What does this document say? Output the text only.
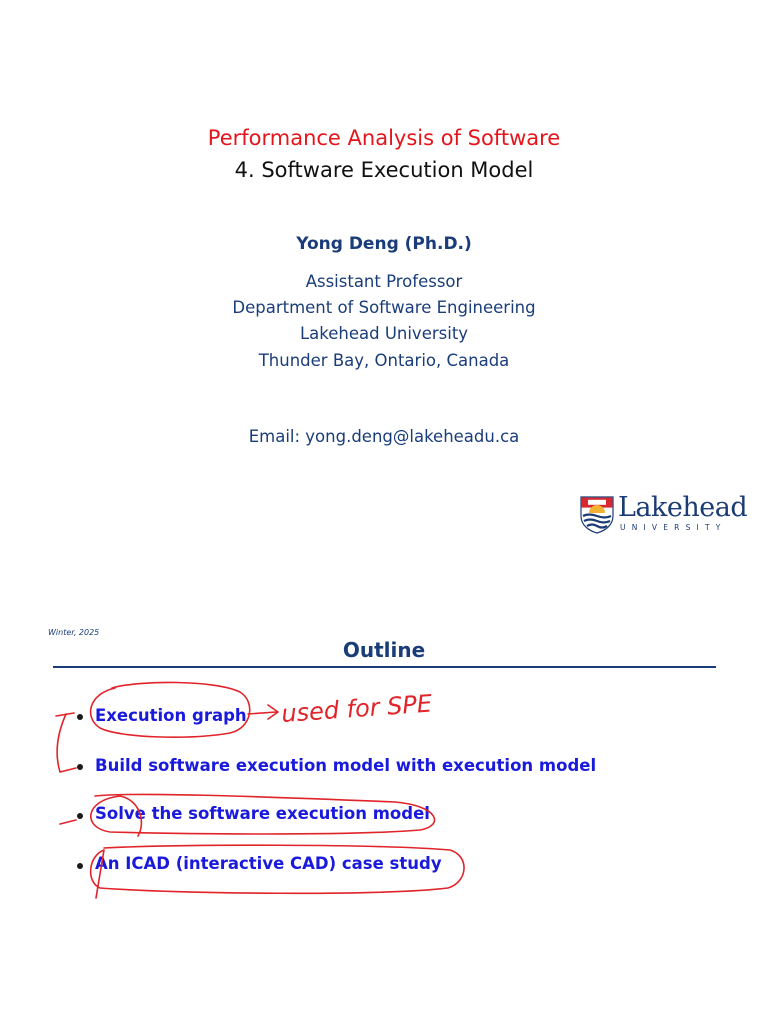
Performance Analysis of Software
4. Software Execution Model
Yong Deng (Ph.D.)
Assistant Professor
Department of Software Engineering
Lakehead University
Thunder Bay, Ontario, Canada
Email: yong.deng@lakeheadu.ca
Lakehead
UNIVERSITY
Winter, 2025
Outline
Execution graph
Build software execution model with execution model
Solve the software execution model
An ICAD (interactive CAD) case study
used for SPE
